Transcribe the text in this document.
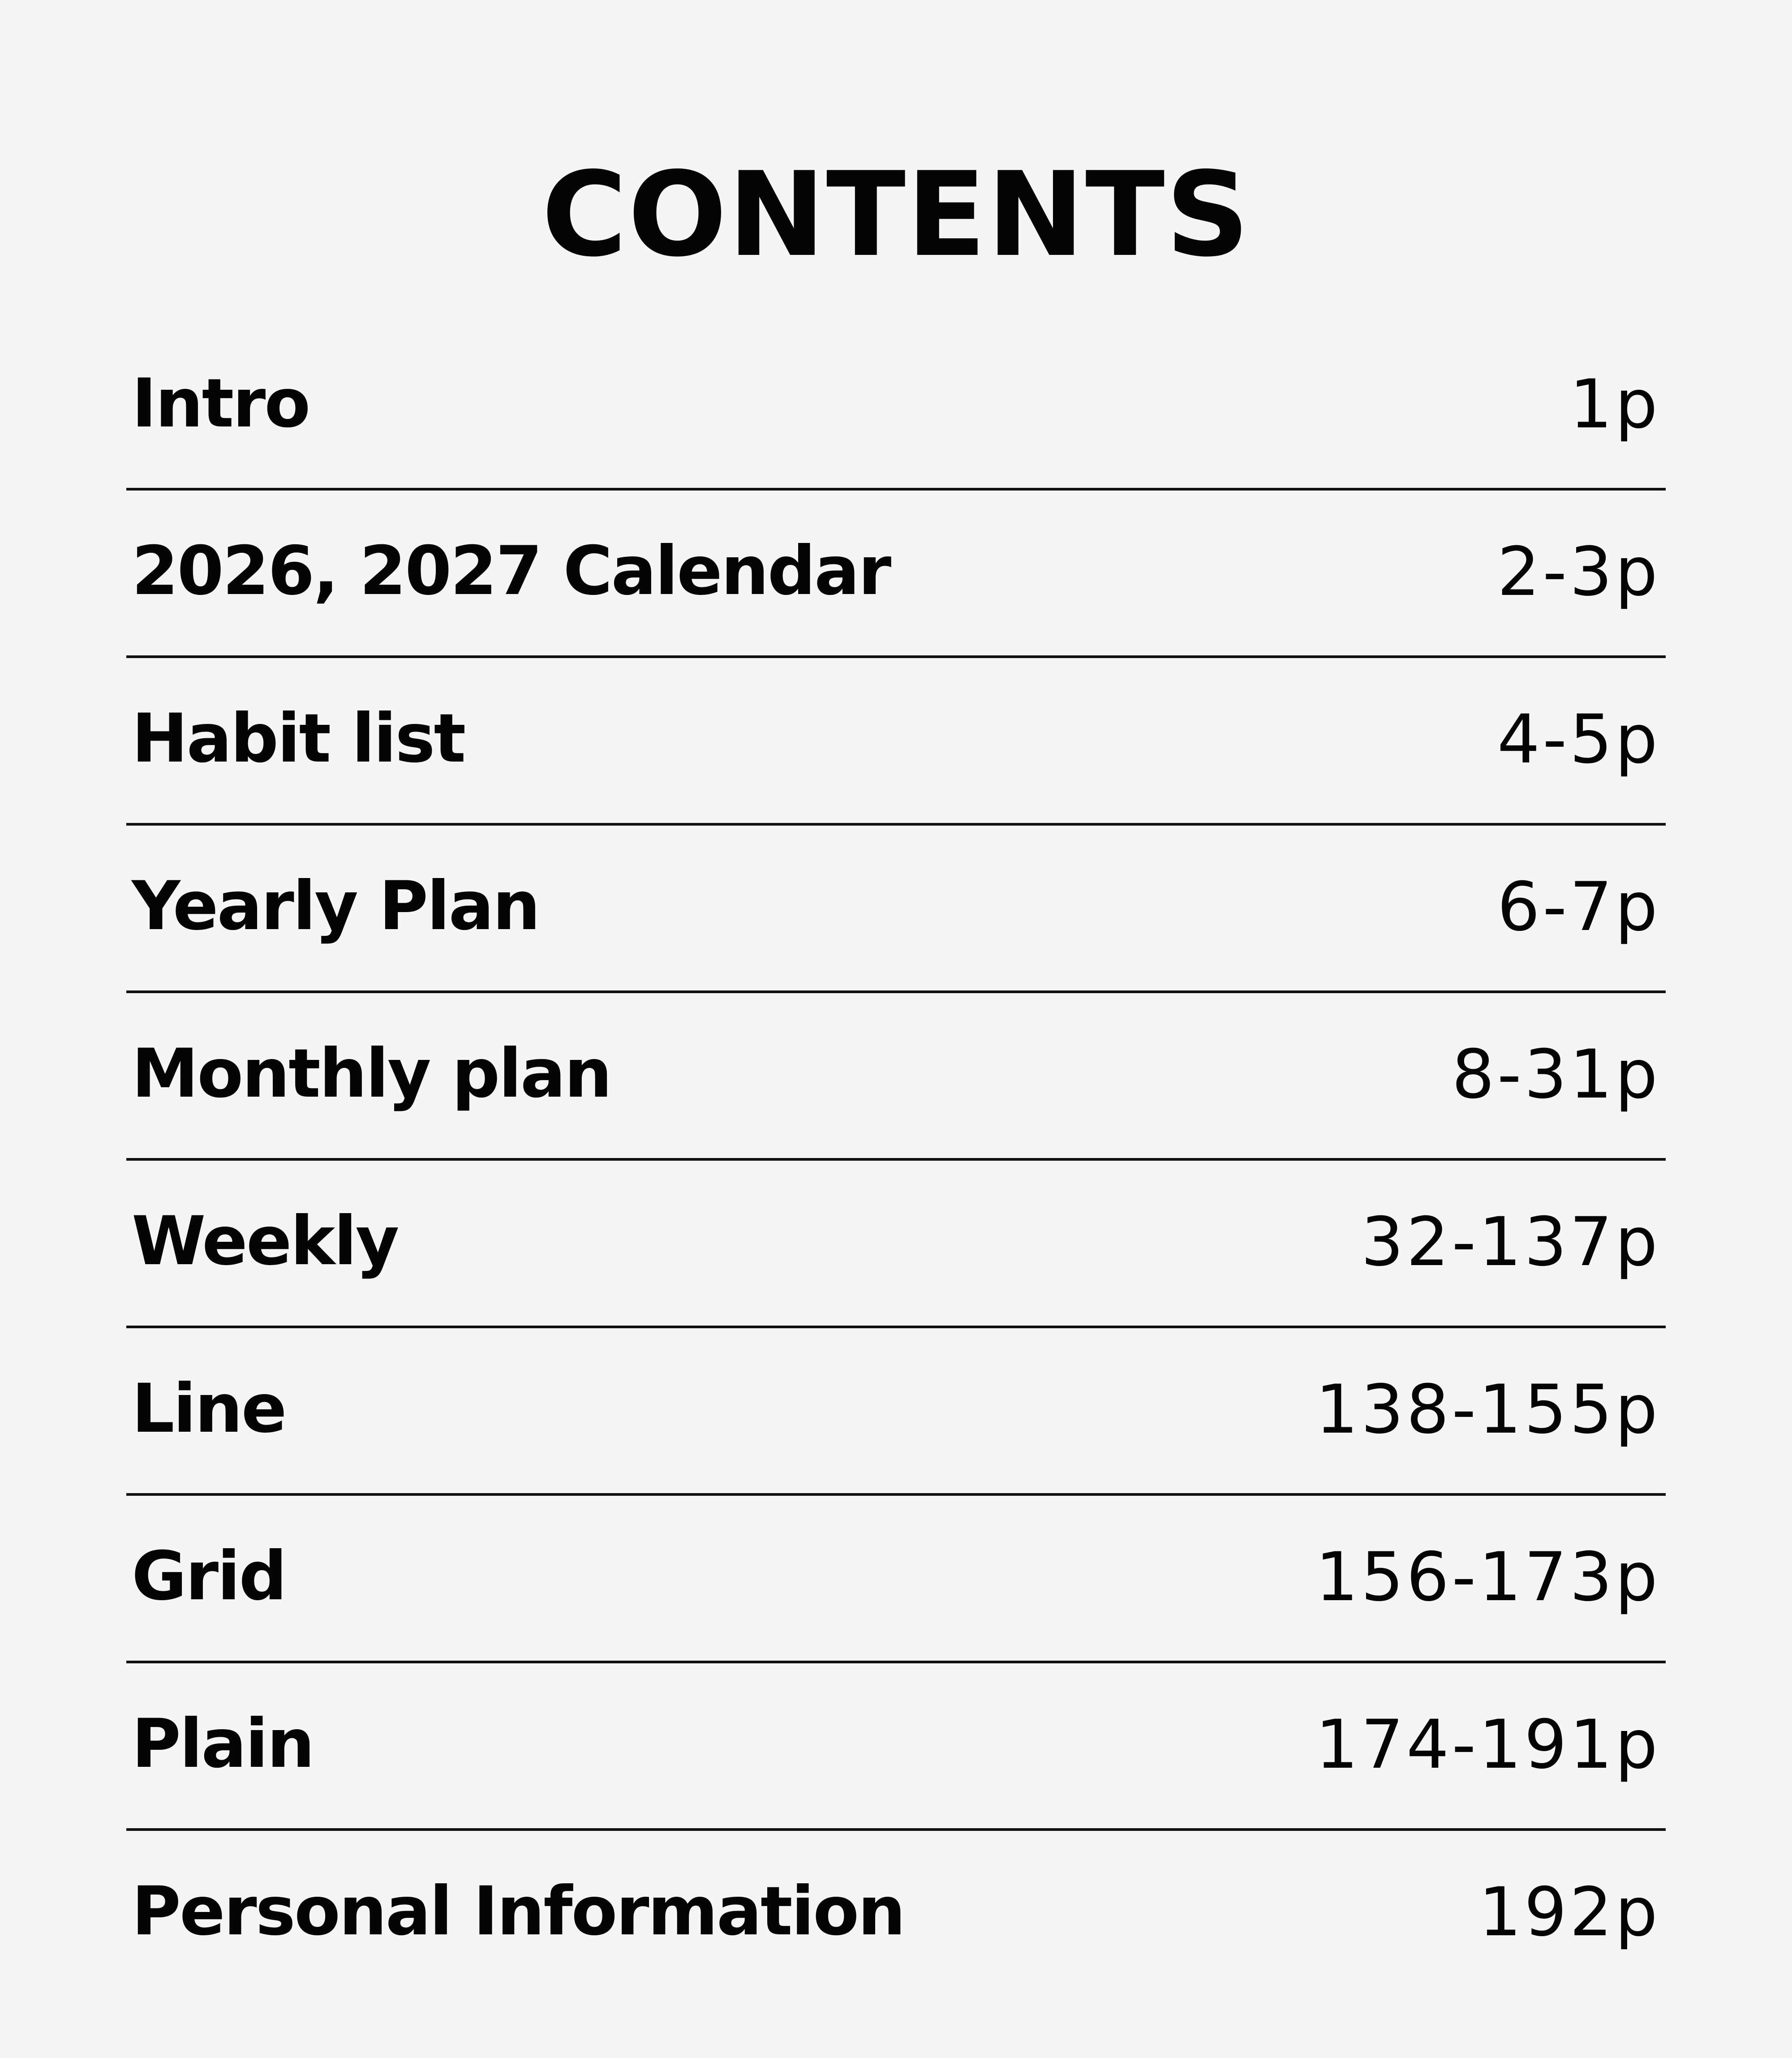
CONTENTS
Intro	1p
2026, 2027 Calendar	2-3p
Habit list	4-5p
Yearly Plan	6-7p
Monthly plan	8-31p
Weekly	32-137p
Line	138-155p
Grid	156-173p
Plain	174-191p
Personal Information	192p
